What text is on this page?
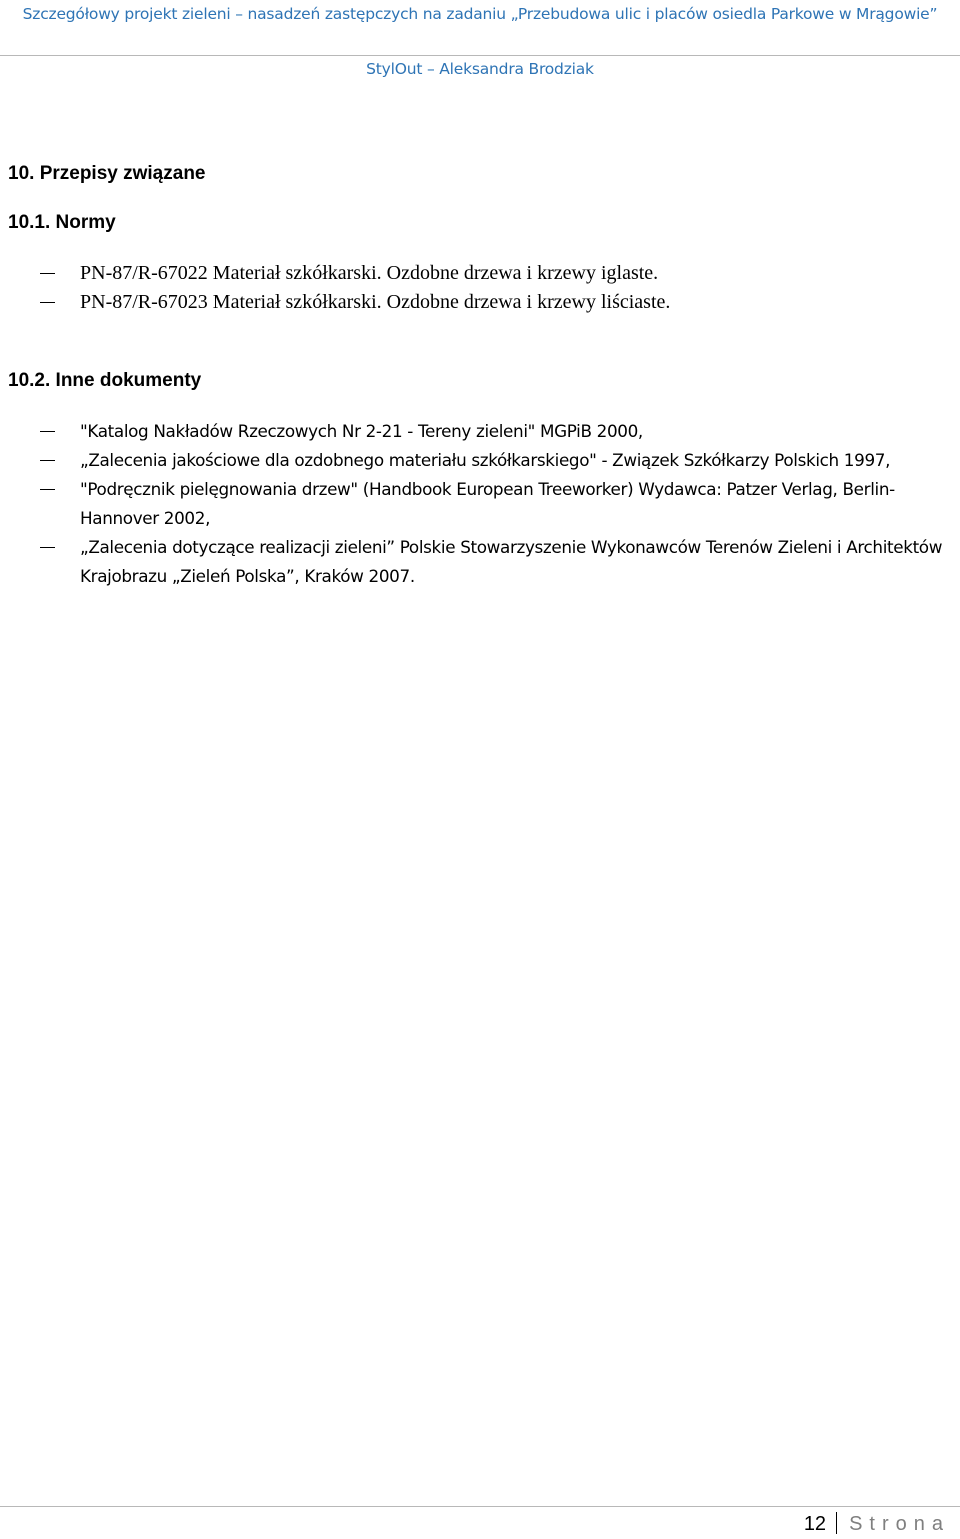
Szczegółowy projekt zieleni – nasadzeń zastępczych na zadaniu „Przebudowa ulic i placów osiedla Parkowe w Mrągowie”

StylOut – Aleksandra Brodziak
10. Przepisy związane
10.1. Normy
PN-87/R-67022 Materiał szkółkarski. Ozdobne drzewa i krzewy iglaste.
PN-87/R-67023 Materiał szkółkarski. Ozdobne drzewa i krzewy liściaste.
10.2. Inne dokumenty
"Katalog Nakładów Rzeczowych Nr 2-21 - Tereny zieleni" MGPiB 2000,
„Zalecenia jakościowe dla ozdobnego materiału szkółkarskiego" - Związek Szkółkarzy Polskich 1997,
"Podręcznik pielęgnowania drzew" (Handbook European Treeworker) Wydawca: Patzer Verlag, Berlin-Hannover 2002,
„Zalecenia dotyczące realizacji zieleni” Polskie Stowarzyszenie Wykonawców Terenów Zieleni i Architektów Krajobrazu „Zieleń Polska”, Kraków 2007.
12 Strona
